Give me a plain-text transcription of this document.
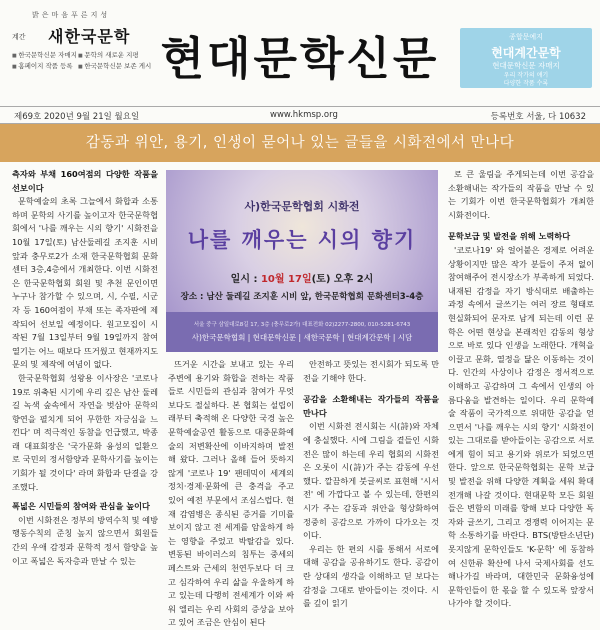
밝은마음푸른지성
계간 새한국문학
■ 한국문학신문 자매지 ■ 문학의 새로운 지평■ 홈페이지 작품 등록 ■ 한국문학신문 보존 게시 현대문학신문	종합문예지
현대계간문학
현대문학신문 자매지
우리 작가의 얘기
다양한 작품 수록
제69호 2020년 9월 21일 월요일	www.hkmsp.org	등록번호 서울, 다 10632
감동과 위안, 용기, 인생이 묻어나 있는 글들을 시화전에서 만나다

측자와 부채 160여점의 다양한 작품을 선보이다

문학예술의 초록 그늘에서 화합과 소통하며 문학의 사기를 높이고자 한국문학협회에서 '나를 깨우는 시의 향기' 시화전을 10월 17일(토) 남산둘레길 조지훈 시비 앞과 충무로2가 소재 한국문학협회 문화센터 3층,4층에서 개최한다. 이번 시화전은 한국문학협회 회원 및 추천 문인이면 누구나 참가할 수 있으며, 시, 수필, 시군자 등 160여점이 부채 또는 족자판에 제작되어 선보일 예정이다. 원고모집이 시작된 7월 13일부터 9월 19일까지 참여 열기는 어느 때보다 뜨거웠고 현재까지도 문의 및 제작에 여념이 없다.

한국문학협회 성왕용 이사장은 '코로나19로 위축된 시기에 우리 깊은 남산 둘레길 녹색 숲속에서 자연을 벗삼아 문학의 향연을 펼치게 되어 무한한 자긍심을 느낀다' 며 적극적인 동참을 언급했고, 박종래 대표회장은 '국가문화 융성의 일환으로 국민의 정서함양과 문학사기를 높이는 기회가 될 것이다' 라며 화합과 단결을 강조했다.

폭넓은 시민들의 참여와 관심을 높이다

이번 시화전은 정부의 방역수칙 및 예방행동수칙의 준칭 높지 않으면서 회원들 간의 우애 감정과 문학적 정서 함양을 높이고 폭넓은 독자층과 만날 수 있는

사)한국문학협회 시화전
나를 깨우는 시의 향기
일시 : 10월 17일(토) 오후 2시
장소 : 남산 둘레길 조지훈 시비 앞, 한국문학협회 문화센터3-4층
서울 중구 삼일대로8길 17, 3층 (충무로2가) 대표전화 02)2277-2800, 010-5281-6743
사)한국문학협회 | 현대문학신문 | 새한국문학 | 현대계간문학 | 시담

뜨거운 시간을 보내고 있는 우리 주변에 용기와 화합을 전하는 작품들로 시민들의 관심과 참여가 무엇보다도 절실하다. 본 협회는 설립이래부터 축적해 온 다양한 국경 높은 문학예술공연 활동으로 대중문화예술의 저변확산에 이바지하며 발전해 왔다. 그러나 올해 들어 뜻하지 않게 '코로나 19' 팬데믹이 세계의 정치·경제·문화에 큰 충격을 주고 있어 예전 부문에서 조심스럽다. 현재 감염병은 종식된 증거를 기미를 보이지 않고 전 세계를 암울하게 하는 영향을 주었고 박탈감을 있다. 변동된 바이러스의 침투는 중세의 페스트와 근세의 천연두보다 더 크고 심각하여 우리 삶을 우울하게 하고 있는데 다행히 전세계가 이와 싸워 엘리는 우리 사회의 증상을 보아고 있어 조금은 안심이 된다

안전하고 뜻있는 전시회가 되도록 만전을 기해야 한다.

공감을 소환해내는 작가들의 작품을 만나다

이번 시화전 전시회는 시(詩)와 자체에 충실했다. 시에 그림을 곁들인 시화전은 많이 하는데 우리 협회의 시화전은 오롯이 시(詩)가 주는 감동에 우선했다. 깔끔하게 붓글씨로 표현해 '시서전' 에 가깝다고 볼 수 있는데, 한편의 시가 주는 감동과 위안을 형상화하여 정중히 공감으로 가까이 다가오는 것이다.

우리는 한 편의 시를 통해서 서로에 대해 공감을 공유하기도 한다. 공감이란 상대의 생각을 이해하고 딛 보다는 감정을 그대로 받아들이는 것이다. 시를 깊이 읽기

로 큰 울림을 주게되는데 이번 공감을 소환해내는 작가들의 작품을 만날 수 있는 기회가 이번 한국문학협회가 개최한 시화전이다.

문학보급 및 발전을 위해 노력하다

'코로나19' 와 얼어붙은 경제로 어려운 상황이지만 많은 작가 분들이 주저 없이 참여해주어 전시장소가 부족하게 되었다. 내재된 감정을 자기 방식대로 배출하는 과정 속에서 글쓰기는 여러 장르 형태로 현실화되어 문자로 남게 되는데 이런 문학은 어떤 현상을 본래적인 감동의 형상으로 바로 있다 인생을 노래한다. 개혁을 이끌고 문화, 열정을 닮은 이동하는 것이다. 인간의 사상이나 감정은 정서적으로 이해하고 공감하며 그 속에서 인생의 아름다움을 발견하는 일이다. 우리 문학예술 작품이 국가적으로 위대한 공감을 얻으면서 '나를 깨우는 시의 향기' 시화전이 있는 그대로를 받아들이는 공감으로 서로에게 힘이 되고 용기와 위로가 되었으면 한다. 앞으로 한국문학협회는 문학 보급 및 발전을 위해 다양한 계획을 세워 확대 전개해 나갈 것이다. 현대문학 모든 회원들은 변함의 미래를 향해 보다 다양한 독자와 글쓰기, 그리고 경쟁력 이어지는 문학 소통하기를 바란다. BTS(방탄소년단) 못지않게 문학인들도 'K-문학' 에 동참하여 신한류 확산에 나서 국제사회를 선도해나가길 바라며, 대한민국 문화융성에 문학인들이 한 몫을 할 수 있도록 앞장서 나가야 할 것이다.
